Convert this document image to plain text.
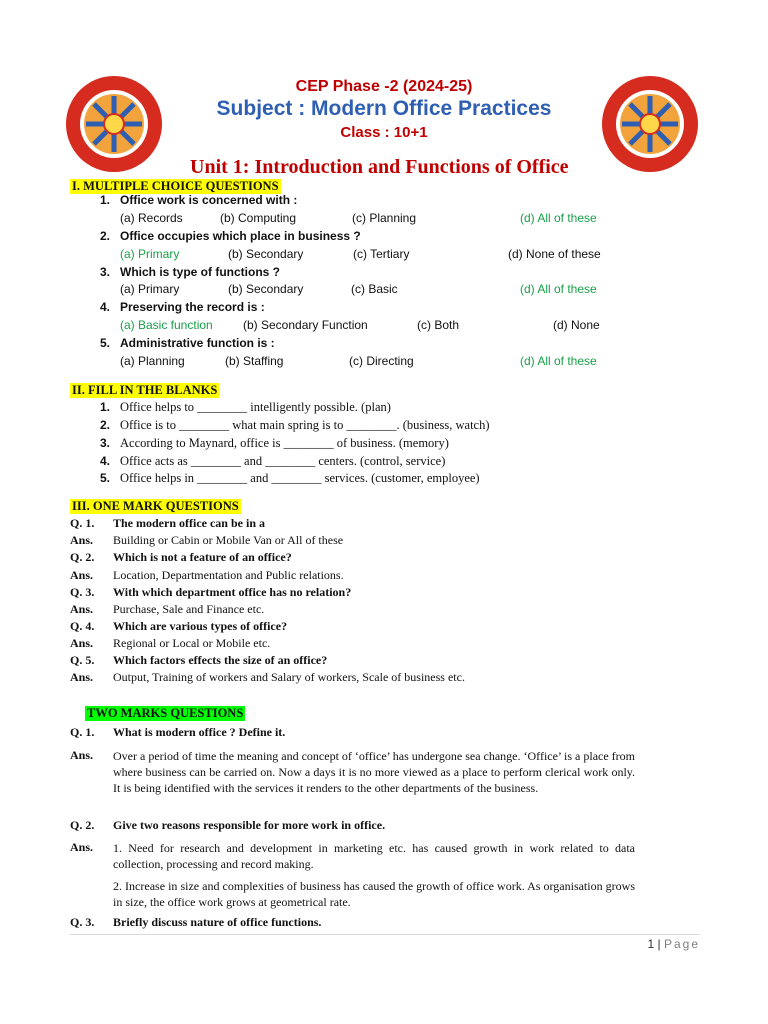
CEP Phase -2 (2024-25)
Subject : Modern Office Practices
Class : 10+1
Unit 1: Introduction and Functions of Office
I. MULTIPLE CHOICE QUESTIONS
1. Office work is concerned with :
(a) Records	(b) Computing	(c) Planning	(d) All of these
2. Office occupies which place in business ?
(a) Primary	(b) Secondary	(c) Tertiary	(d) None of these
3. Which is type of functions ?
(a) Primary	(b) Secondary	(c) Basic	(d) All of these
4. Preserving the record is :
(a) Basic function	(b) Secondary Function	(c) Both	(d) None
5. Administrative function is :
(a) Planning	(b) Staffing	(c) Directing	(d) All of these
II. FILL IN THE BLANKS
1. Office helps to ________ intelligently possible. (plan)
2. Office is to ________ what main spring is to ________. (business, watch)
3. According to Maynard, office is ________ of business. (memory)
4. Office acts as ________ and ________ centers. (control, service)
5. Office helps in ________ and ________ services. (customer, employee)
III. ONE MARK QUESTIONS
Q. 1. The modern office can be in a
Ans. Building or Cabin or Mobile Van or All of these
Q. 2. Which is not a feature of an office?
Ans. Location, Departmentation and Public relations.
Q. 3. With which department office has no relation?
Ans. Purchase, Sale and Finance etc.
Q. 4. Which are various types of office?
Ans. Regional or Local or Mobile etc.
Q. 5. Which factors effects the size of an office?
Ans. Output, Training of workers and Salary of workers, Scale of business etc.
TWO MARKS QUESTIONS
Q. 1. What is modern office ? Define it.
Ans. Over a period of time the meaning and concept of ‘office’ has undergone sea change. ‘Office’ is a place from where business can be carried on. Now a days it is no more viewed as a place to perform clerical work only. It is being identified with the services it renders to the other departments of the business.
Q. 2. Give two reasons responsible for more work in office.
Ans. 1. Need for research and development in marketing etc. has caused growth in work related to data collection, processing and record making.
2. Increase in size and complexities of business has caused the growth of office work. As organisation grows in size, the office work grows at geometrical rate.
Q. 3. Briefly discuss nature of office functions.
1 | Page
